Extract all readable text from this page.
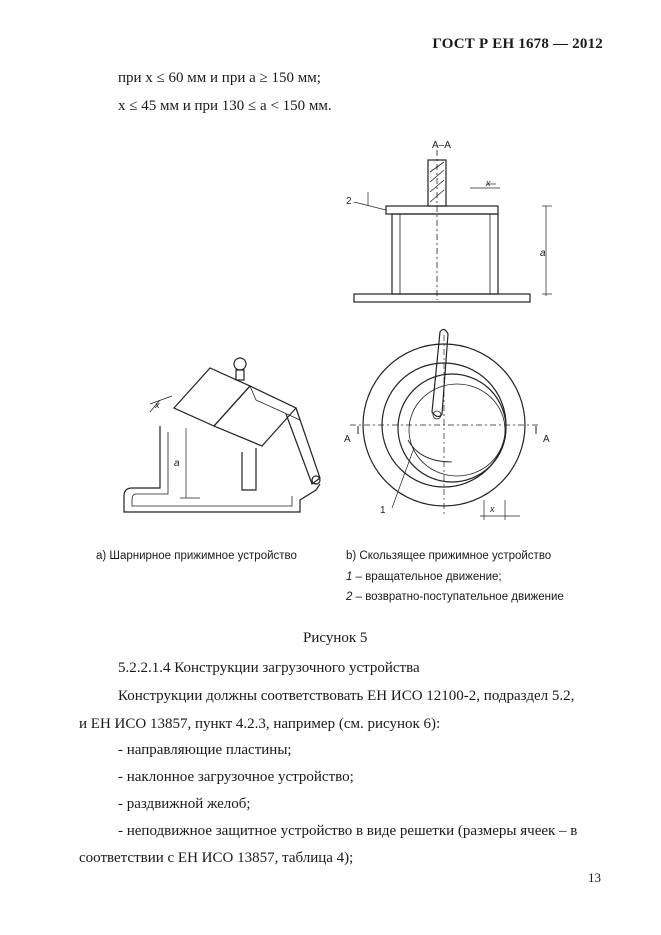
ГОСТ Р ЕН 1678 — 2012
при x ≤ 60 мм и при a ≥ 150 мм;
x ≤ 45 мм и при 130 ≤ a < 150 мм.
A–A
a
x
2
A	A
1	x
x
a
а) Шарнирное прижимное устройство	b) Скользящее прижимное устройство
1 – вращательное движение;
2 – возвратно-поступательное движение
Рисунок 5
5.2.2.1.4 Конструкции загрузочного устройства
Конструкции должны соответствовать ЕН ИСО 12100-2, подраздел 5.2,
и ЕН ИСО 13857, пункт 4.2.3, например (см. рисунок 6):
- направляющие пластины;
- наклонное загрузочное устройство;
- раздвижной желоб;
- неподвижное защитное устройство в виде решетки (размеры ячеек – в
соответствии с ЕН ИСО 13857, таблица 4);
13
